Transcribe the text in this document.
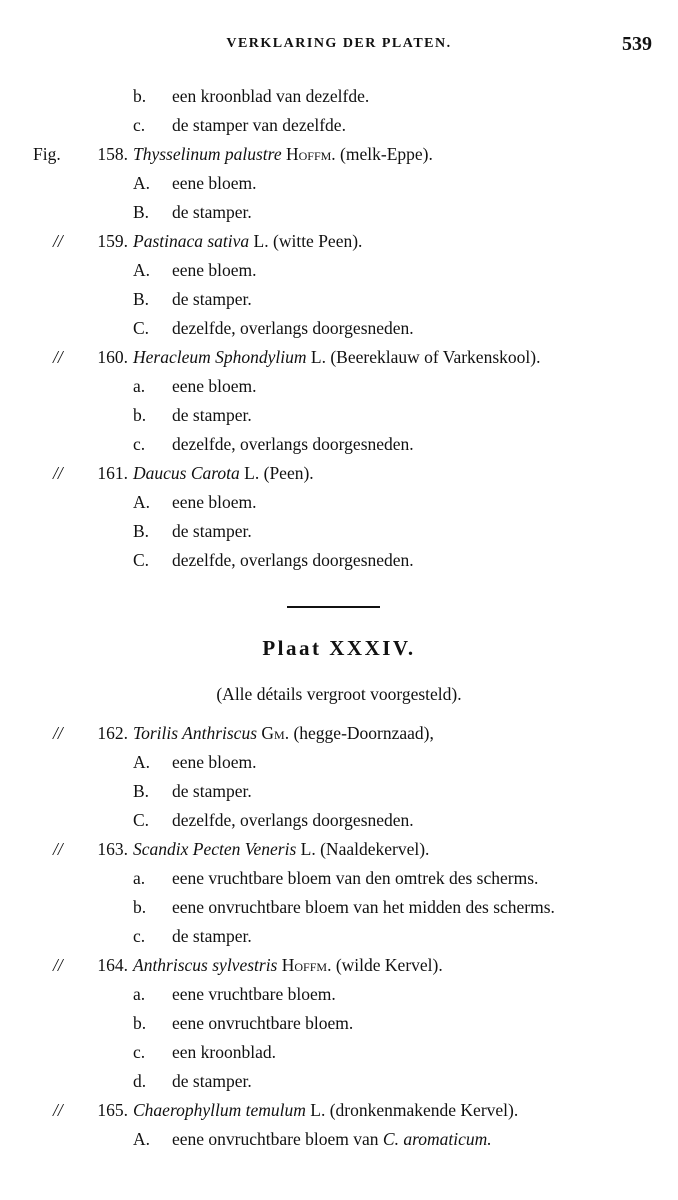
VERKLARING DER PLATEN.	539
b. een kroonblad van dezelfde.
c. de stamper van dezelfde.
Fig. 158. Thysselinum palustre Hoffm. (melk-Eppe).
A. eene bloem.
B. de stamper.
// 159. Pastinaca sativa L. (witte Peen).
A. eene bloem.
B. de stamper.
C. dezelfde, overlangs doorgesneden.
// 160. Heracleum Sphondylium L. (Beereklauw of Varkenskool).
a. eene bloem.
b. de stamper.
c. dezelfde, overlangs doorgesneden.
// 161. Daucus Carota L. (Peen).
A. eene bloem.
B. de stamper.
C. dezelfde, overlangs doorgesneden.
Plaat XXXIV.
(Alle détails vergroot voorgesteld).
// 162. Torilis Anthriscus Gm. (hegge-Doornzaad),
A. eene bloem.
B. de stamper.
C. dezelfde, overlangs doorgesneden.
// 163. Scandix Pecten Veneris L. (Naaldekervel).
a. eene vruchtbare bloem van den omtrek des scherms.
b. eene onvruchtbare bloem van het midden des scherms.
c. de stamper.
// 164. Anthriscus sylvestris Hoffm. (wilde Kervel).
a. eene vruchtbare bloem.
b. eene onvruchtbare bloem.
c. een kroonblad.
d. de stamper.
// 165. Chaerophyllum temulum L. (dronkenmakende Kervel).
A. eene onvruchtbare bloem van C. aromaticum.
